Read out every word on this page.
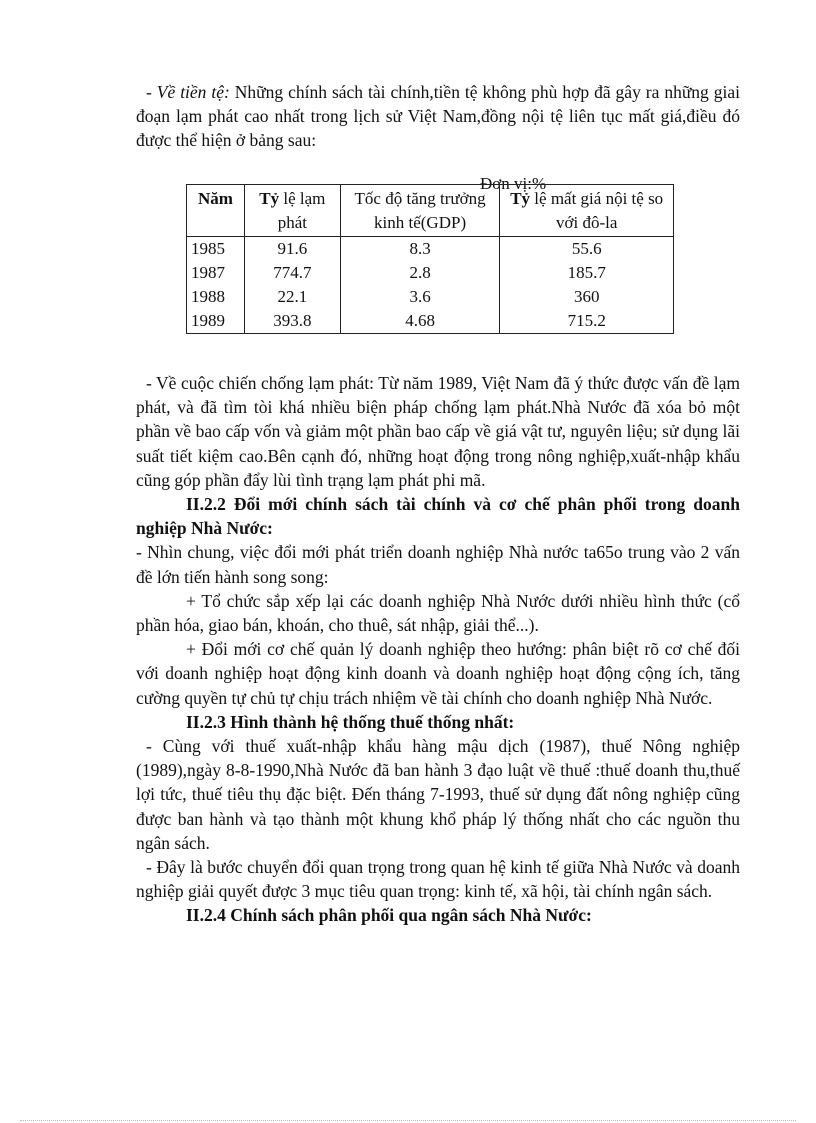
- Về tiền tệ: Những chính sách tài chính,tiền tệ không phù hợp đã gây ra những giai đoạn lạm phát cao nhất trong lịch sử Việt Nam,đồng nội tệ liên tục mất giá,điều đó được thể hiện ở bảng sau:

Đơn vị:%
Năm	Tỷ lệ lạm phát	Tốc độ tăng trưởng kinh tế(GDP)	Tỷ lệ mất giá nội tệ so với đô-la
1985	91.6	8.3	55.6
1987	774.7	2.8	185.7
1988	22.1	3.6	360
1989	393.8	4.68	715.2

- Về cuộc chiến chống lạm phát: Từ năm 1989, Việt Nam đã ý thức được vấn đề lạm phát, và đã tìm tòi khá nhiều biện pháp chống lạm phát.Nhà Nước đã xóa bỏ một phần về bao cấp vốn và giảm một phần bao cấp về giá vật tư, nguyên liệu; sử dụng lãi suất tiết kiệm cao.Bên cạnh đó, những hoạt động trong nông nghiệp,xuất-nhập khẩu cũng góp phần đẩy lùi tình trạng lạm phát phi mã.

II.2.2 Đổi mới chính sách tài chính và cơ chế phân phối trong doanh nghiệp Nhà Nước:

- Nhìn chung, việc đổi mới phát triển doanh nghiệp Nhà nước ta65o trung vào 2 vấn đề lớn tiến hành song song:

+ Tổ chức sắp xếp lại các doanh nghiệp Nhà Nước dưới nhiều hình thức (cổ phần hóa, giao bán, khoán, cho thuê, sát nhập, giải thể...).

+ Đổi mới cơ chế quản lý doanh nghiệp theo hướng: phân biệt rõ cơ chế đối với doanh nghiệp hoạt động kinh doanh và doanh nghiệp hoạt động cộng ích, tăng cường quyền tự chủ tự chịu trách nhiệm về tài chính cho doanh nghiệp Nhà Nước.

II.2.3 Hình thành hệ thống thuế thống nhất:

- Cùng với thuế xuất-nhập khẩu hàng mậu dịch (1987), thuế Nông nghiệp (1989),ngày 8-8-1990,Nhà Nước đã ban hành 3 đạo luật về thuế :thuế doanh thu,thuế lợi tức, thuế tiêu thụ đặc biệt. Đến tháng 7-1993, thuế sử dụng đất nông nghiệp cũng được ban hành và tạo thành một khung khổ pháp lý thống nhất cho các nguồn thu ngân sách.

- Đây là bước chuyển đổi quan trọng trong quan hệ kinh tế giữa Nhà Nước và doanh nghiệp giải quyết được 3 mục tiêu quan trọng: kinh tế, xã hội, tài chính ngân sách.

II.2.4 Chính sách phân phối qua ngân sách Nhà Nước:
